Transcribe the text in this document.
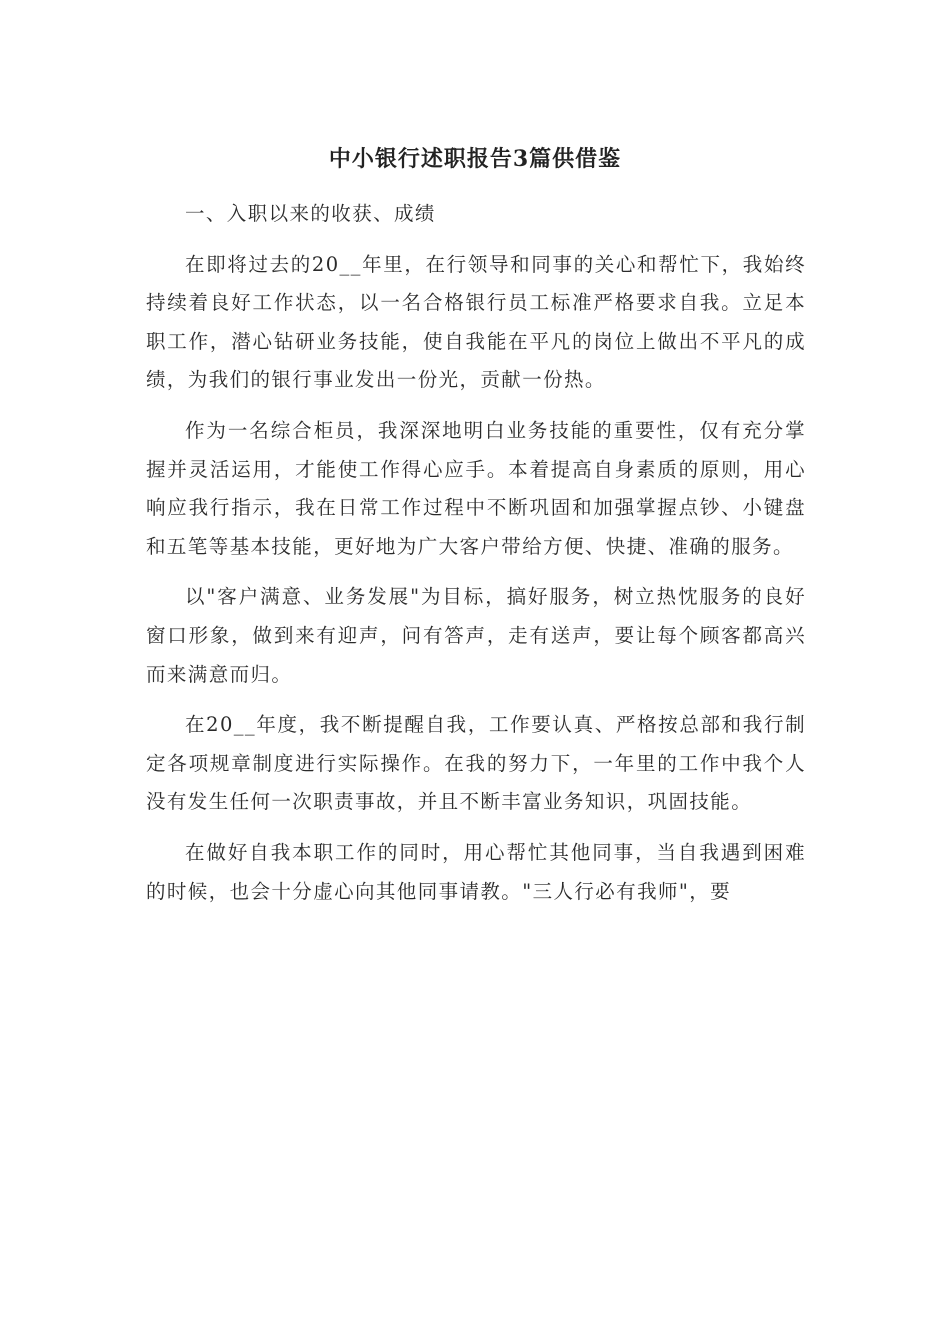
中小银行述职报告3篇供借鉴

一、入职以来的收获、成绩

在即将过去的20__年里，在行领导和同事的关心和帮忙下，我始终持续着良好工作状态，以一名合格银行员工标准严格要求自我。立足本职工作，潜心钻研业务技能，使自我能在平凡的岗位上做出不平凡的成绩，为我们的银行事业发出一份光，贡献一份热。

作为一名综合柜员，我深深地明白业务技能的重要性，仅有充分掌握并灵活运用，才能使工作得心应手。本着提高自身素质的原则，用心响应我行指示，我在日常工作过程中不断巩固和加强掌握点钞、小键盘和五笔等基本技能，更好地为广大客户带给方便、快捷、准确的服务。

以"客户满意、业务发展"为目标，搞好服务，树立热忱服务的良好窗口形象，做到来有迎声，问有答声，走有送声，要让每个顾客都高兴而来满意而归。

在20__年度，我不断提醒自我，工作要认真、严格按总部和我行制定各项规章制度进行实际操作。在我的努力下，一年里的工作中我个人没有发生任何一次职责事故，并且不断丰富业务知识，巩固技能。

在做好自我本职工作的同时，用心帮忙其他同事，当自我遇到困难的时候，也会十分虚心向其他同事请教。"三人行必有我师"，要
